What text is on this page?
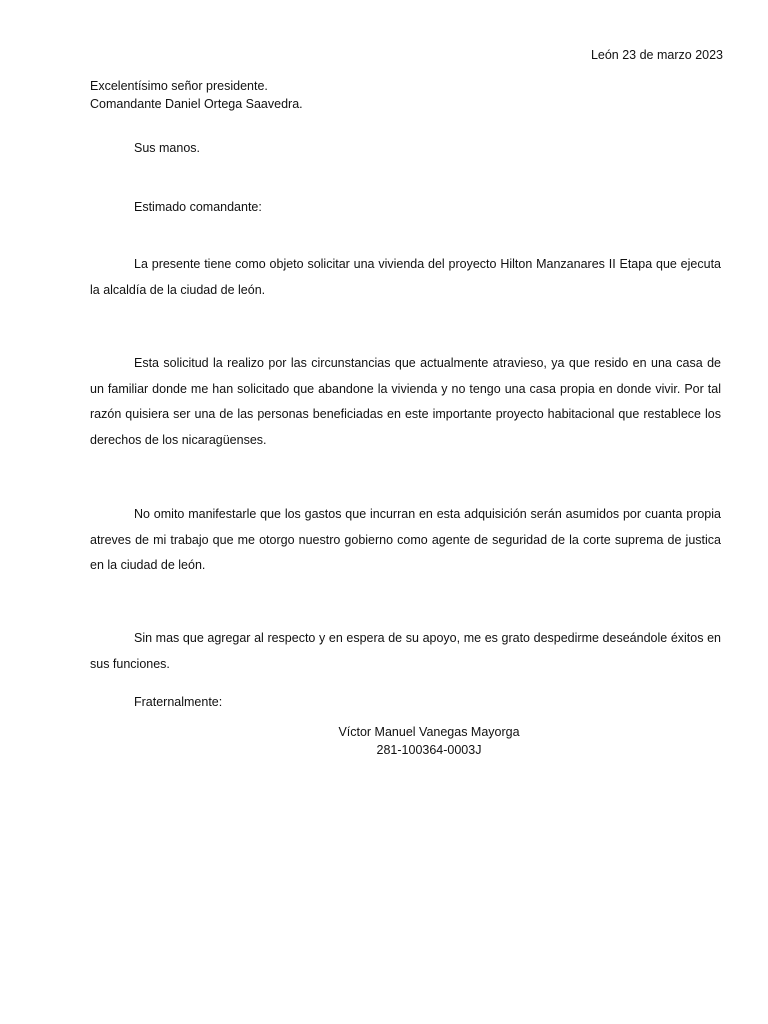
León 23 de marzo 2023
Excelentísimo señor presidente.
Comandante Daniel Ortega Saavedra.
Sus manos.
Estimado comandante:

La presente tiene como objeto solicitar una vivienda del proyecto Hilton Manzanares II Etapa que ejecuta la alcaldía de la ciudad de león.

Esta solicitud la realizo por las circunstancias que actualmente atravieso, ya que resido en una casa de un familiar donde me han solicitado que abandone la vivienda y no tengo una casa propia en donde vivir. Por tal razón quisiera ser una de las personas beneficiadas en este importante proyecto habitacional que restablece los derechos de los nicaragüenses.

No omito manifestarle que los gastos que incurran en esta adquisición serán asumidos por cuanta propia atreves de mi trabajo que me otorgo nuestro gobierno como agente de seguridad de la corte suprema de justica en la ciudad de león.

Sin mas que agregar al respecto y en espera de su apoyo, me es grato despedirme deseándole éxitos en sus funciones.

Fraternalmente:
Víctor Manuel Vanegas Mayorga
281-100364-0003J
